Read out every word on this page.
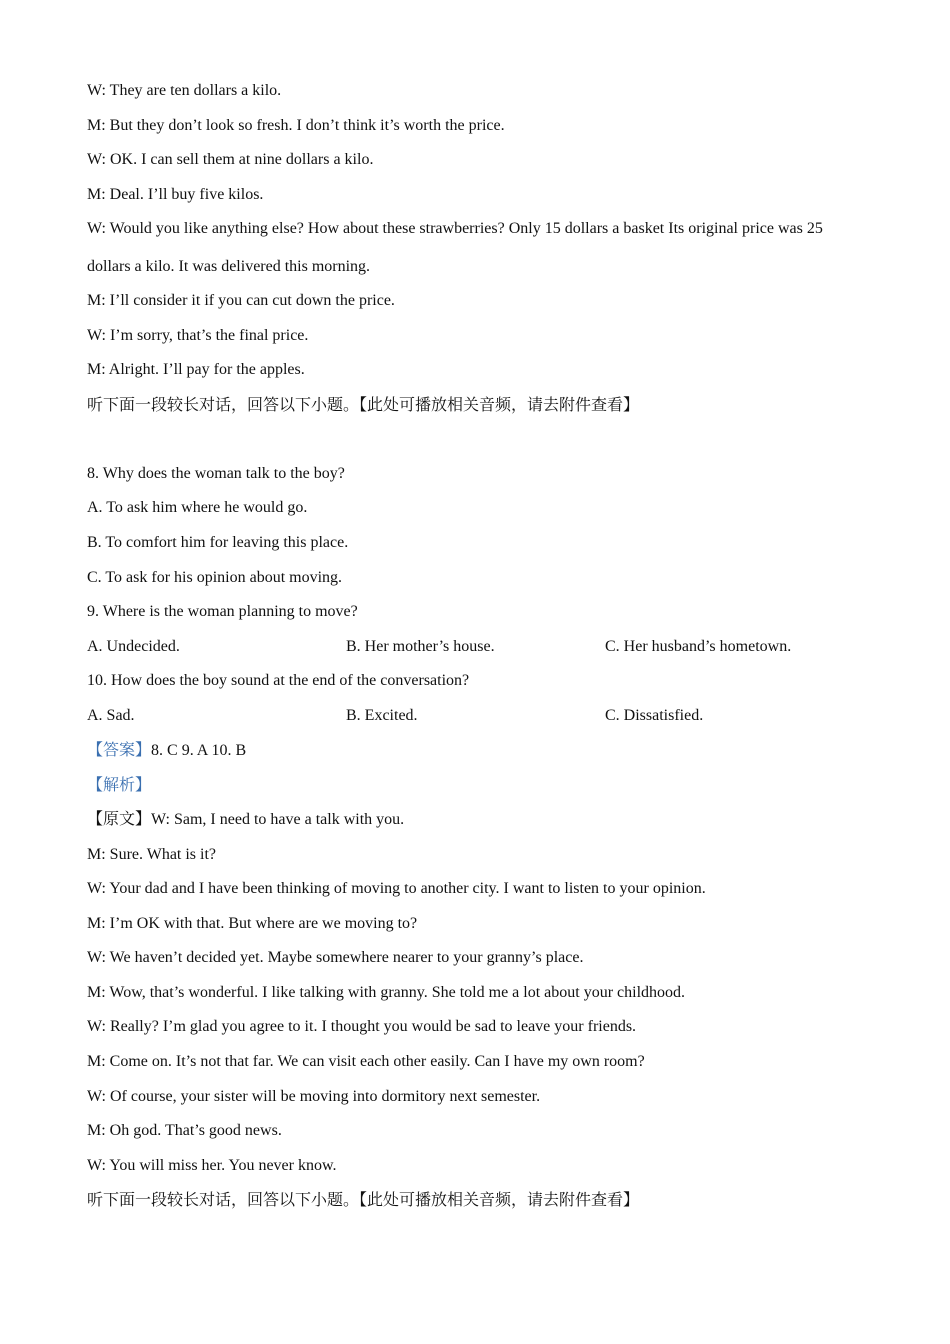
W: They are ten dollars a kilo.
M: But they don’t look so fresh. I don’t think it’s worth the price.
W: OK. I can sell them at nine dollars a kilo.
M: Deal. I’ll buy five kilos.
W: Would you like anything else? How about these strawberries? Only 15 dollars a basket Its original price was 25
dollars a kilo. It was delivered this morning.
M: I’ll consider it if you can cut down the price.
W: I’m sorry, that’s the final price.
M: Alright. I’ll pay for the apples.
听下面一段较长对话，回答以下小题。【此处可播放相关音频，请去附件查看】
8. Why does the woman talk to the boy?
A. To ask him where he would go.
B. To comfort him for leaving this place.
C. To ask for his opinion about moving.
9. Where is the woman planning to move?
A. Undecided.	B. Her mother’s house.	C. Her husband’s hometown.
10. How does the boy sound at the end of the conversation?
A. Sad.	B. Excited.	C. Dissatisfied.
【答案】8. C 9. A 10. B
【解析】
【原文】W: Sam, I need to have a talk with you.
M: Sure. What is it?
W: Your dad and I have been thinking of moving to another city. I want to listen to your opinion.
M: I’m OK with that. But where are we moving to?
W: We haven’t decided yet. Maybe somewhere nearer to your granny’s place.
M: Wow, that’s wonderful. I like talking with granny. She told me a lot about your childhood.
W: Really? I’m glad you agree to it. I thought you would be sad to leave your friends.
M: Come on. It’s not that far. We can visit each other easily. Can I have my own room?
W: Of course, your sister will be moving into dormitory next semester.
M: Oh god. That’s good news.
W: You will miss her. You never know.
听下面一段较长对话，回答以下小题。【此处可播放相关音频，请去附件查看】
